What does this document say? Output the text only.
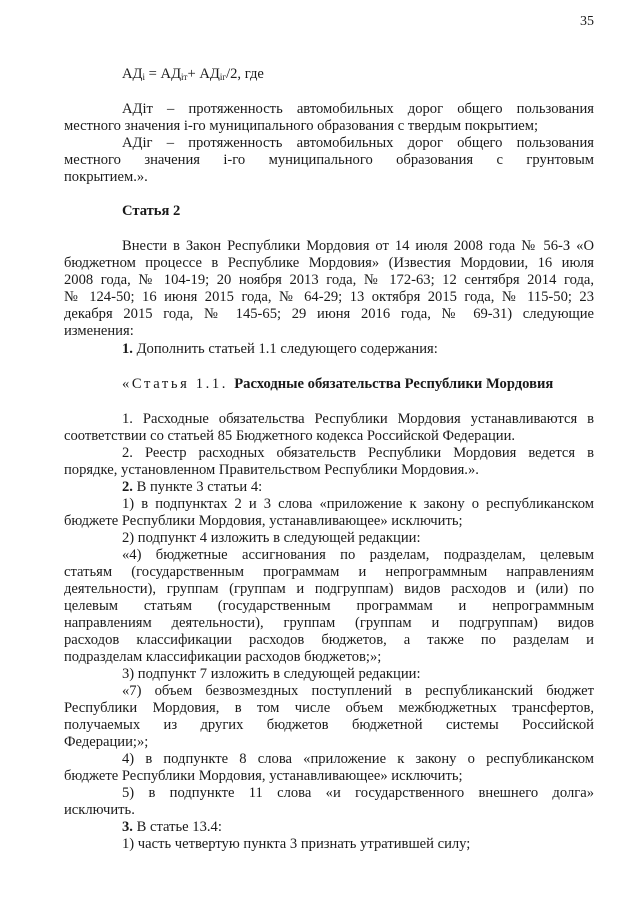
35
$АД_i = АД_{iт}+ АД_{iг}/2$, где
АДiт – протяженность автомобильных дорог общего пользования
местного значения i-го муниципального образования с твердым покрытием;
АДiг – протяженность автомобильных дорог общего пользования
местного значения i-го муниципального образования с грунтовым
покрытием.».
Статья 2
Внести в Закон Республики Мордовия от 14 июля 2008 года № 56-З «О
бюджетном процессе в Республике Мордовия» (Известия Мордовии, 16 июля
2008 года, № 104-19; 20 ноября 2013 года, № 172-63; 12 сентября 2014 года,
№ 124-50; 16 июня 2015 года, № 64-29; 13 октября 2015 года, № 115-50; 23
декабря 2015 года, № 145-65; 29 июня 2016 года, № 69-31) следующие
изменения:
1. Дополнить статьей 1.1 следующего содержания:
«Статья 1.1. Расходные обязательства Республики Мордовия
1. Расходные обязательства Республики Мордовия устанавливаются в
соответствии со статьей 85 Бюджетного кодекса Российской Федерации.
2. Реестр расходных обязательств Республики Мордовия ведется в
порядке, установленном Правительством Республики Мордовия.».
2. В пункте 3 статьи 4:
1) в подпунктах 2 и 3 слова «приложение к закону о республиканском
бюджете Республики Мордовия, устанавливающее» исключить;
2) подпункт 4 изложить в следующей редакции:
«4) бюджетные ассигнования по разделам, подразделам, целевым
статьям (государственным программам и непрограммным направлениям
деятельности), группам (группам и подгруппам) видов расходов и (или) по
целевым статьям (государственным программам и непрограммным
направлениям деятельности), группам (группам и подгруппам) видов
расходов классификации расходов бюджетов, а также по разделам и
подразделам классификации расходов бюджетов;»;
3) подпункт 7 изложить в следующей редакции:
«7) объем безвозмездных поступлений в республиканский бюджет
Республики Мордовия, в том числе объем межбюджетных трансфертов,
получаемых из других бюджетов бюджетной системы Российской
Федерации;»;
4) в подпункте 8 слова «приложение к закону о республиканском
бюджете Республики Мордовия, устанавливающее» исключить;
5) в подпункте 11 слова «и государственного внешнего долга»
исключить.
3. В статье 13.4:
1) часть четвертую пункта 3 признать утратившей силу;
